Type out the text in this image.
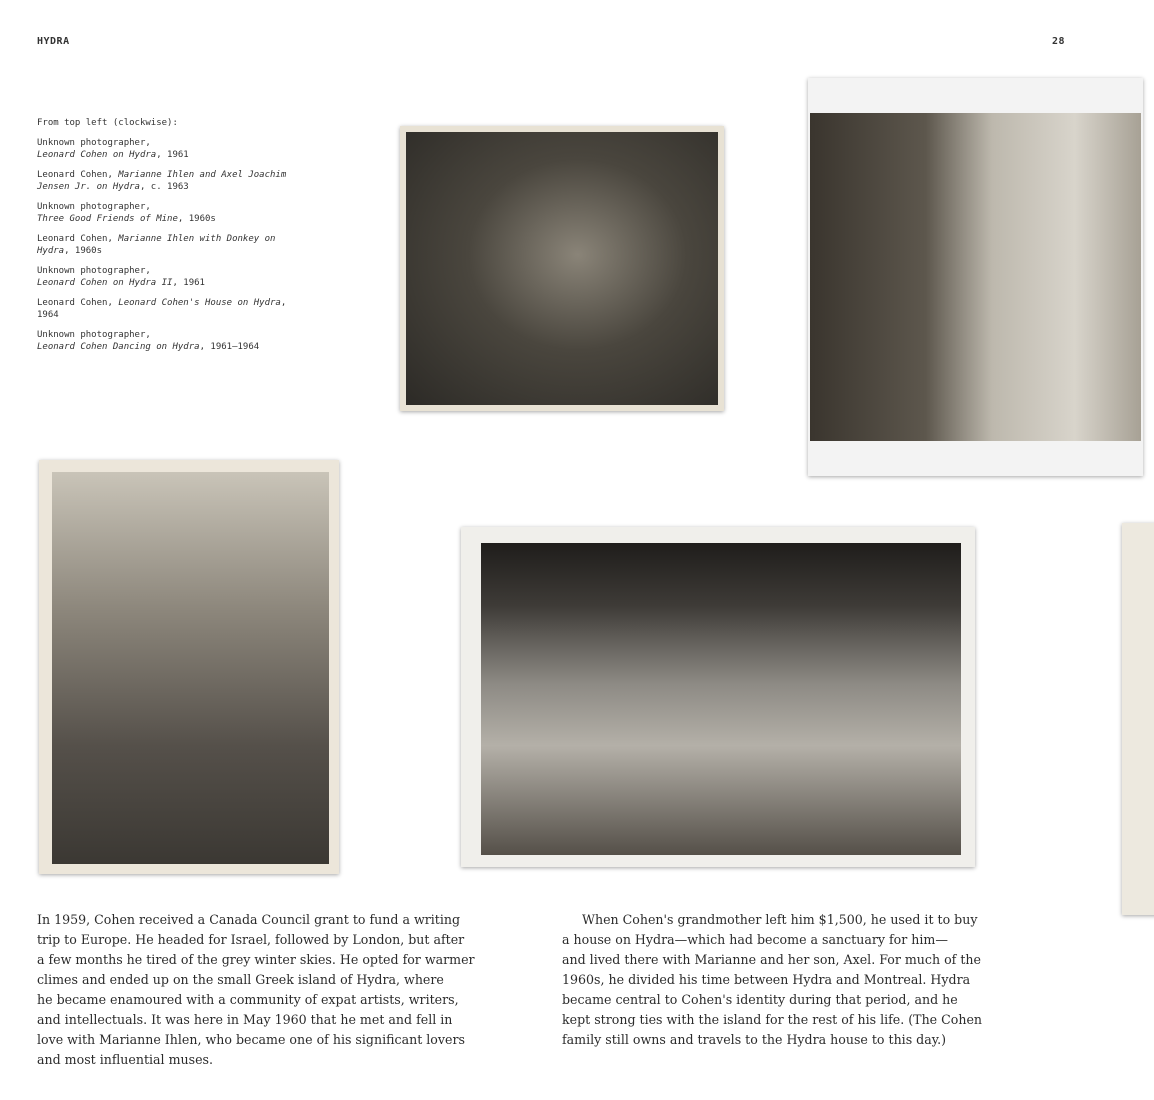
HYDRA	28

From top left (clockwise):

Unknown photographer,
Leonard Cohen on Hydra, 1961

Leonard Cohen, Marianne Ihlen and Axel Joachim Jensen Jr. on Hydra, c. 1963

Unknown photographer,
Three Good Friends of Mine, 1960s

Leonard Cohen, Marianne Ihlen with Donkey on Hydra, 1960s

Unknown photographer,
Leonard Cohen on Hydra II, 1961

Leonard Cohen, Leonard Cohen's House on Hydra, 1964

Unknown photographer,
Leonard Cohen Dancing on Hydra, 1961–1964

In 1959, Cohen received a Canada Council grant to fund a writing
trip to Europe. He headed for Israel, followed by London, but after
a few months he tired of the grey winter skies. He opted for warmer
climes and ended up on the small Greek island of Hydra, where
he became enamoured with a community of expat artists, writers,
and intellectuals. It was here in May 1960 that he met and fell in
love with Marianne Ihlen, who became one of his significant lovers
and most influential muses.
When Cohen's grandmother left him $1,500, he used it to buy
a house on Hydra—which had become a sanctuary for him—
and lived there with Marianne and her son, Axel. For much of the
1960s, he divided his time between Hydra and Montreal. Hydra
became central to Cohen's identity during that period, and he
kept strong ties with the island for the rest of his life. (The Cohen
family still owns and travels to the Hydra house to this day.)
